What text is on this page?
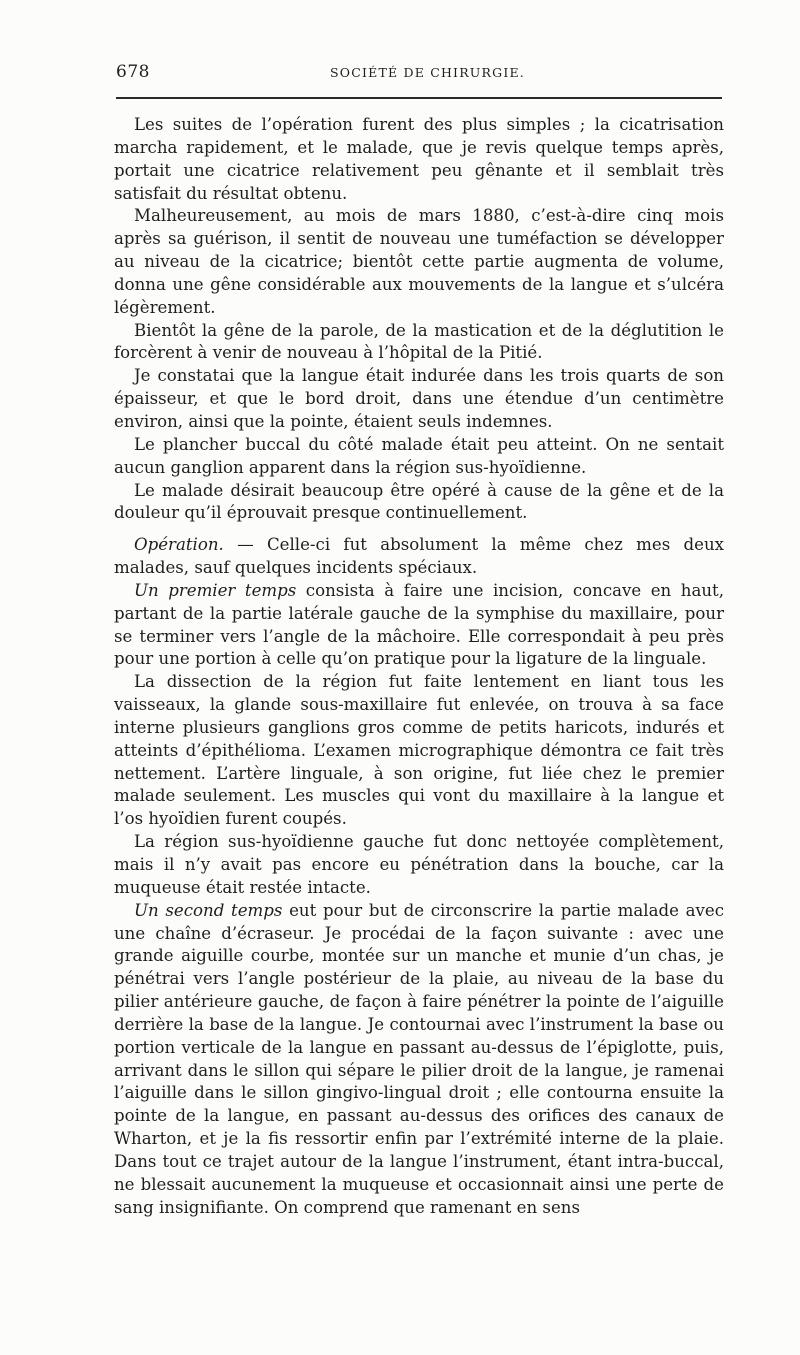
678	SOCIÉTÉ DE CHIRURGIE.

Les suites de l’opération furent des plus simples ; la cicatrisation marcha rapidement, et le malade, que je revis quelque temps après, portait une cicatrice relativement peu gênante et il semblait très satisfait du résultat obtenu.

Malheureusement, au mois de mars 1880, c’est-à-dire cinq mois après sa guérison, il sentit de nouveau une tuméfaction se développer au niveau de la cicatrice; bientôt cette partie augmenta de volume, donna une gêne considérable aux mouvements de la langue et s’ulcéra légèrement.

Bientôt la gêne de la parole, de la mastication et de la déglutition le forcèrent à venir de nouveau à l’hôpital de la Pitié.

Je constatai que la langue était indurée dans les trois quarts de son épaisseur, et que le bord droit, dans une étendue d’un centimètre environ, ainsi que la pointe, étaient seuls indemnes.

Le plancher buccal du côté malade était peu atteint. On ne sentait aucun ganglion apparent dans la région sus-hyoïdienne.

Le malade désirait beaucoup être opéré à cause de la gêne et de la douleur qu’il éprouvait presque continuellement.

Opération. — Celle-ci fut absolument la même chez mes deux malades, sauf quelques incidents spéciaux.

Un premier temps consista à faire une incision, concave en haut, partant de la partie latérale gauche de la symphise du maxillaire, pour se terminer vers l’angle de la mâchoire. Elle correspondait à peu près pour une portion à celle qu’on pratique pour la ligature de la linguale.

La dissection de la région fut faite lentement en liant tous les vaisseaux, la glande sous-maxillaire fut enlevée, on trouva à sa face interne plusieurs ganglions gros comme de petits haricots, indurés et atteints d’épithélioma. L’examen micrographique démontra ce fait très nettement. L’artère linguale, à son origine, fut liée chez le premier malade seulement. Les muscles qui vont du maxillaire à la langue et l’os hyoïdien furent coupés.

La région sus-hyoïdienne gauche fut donc nettoyée complètement, mais il n’y avait pas encore eu pénétration dans la bouche, car la muqueuse était restée intacte.

Un second temps eut pour but de circonscrire la partie malade avec une chaîne d’écraseur. Je procédai de la façon suivante : avec une grande aiguille courbe, montée sur un manche et munie d’un chas, je pénétrai vers l’angle postérieur de la plaie, au niveau de la base du pilier antérieure gauche, de façon à faire pénétrer la pointe de l’aiguille derrière la base de la langue. Je contournai avec l’instrument la base ou portion verticale de la langue en passant au-dessus de l’épiglotte, puis, arrivant dans le sillon qui sépare le pilier droit de la langue, je ramenai l’aiguille dans le sillon gingivo-lingual droit ; elle contourna ensuite la pointe de la langue, en passant au-dessus des orifices des canaux de Wharton, et je la fis ressortir enfin par l’extrémité interne de la plaie. Dans tout ce trajet autour de la langue l’instrument, étant intra-buccal, ne blessait aucunement la muqueuse et occasionnait ainsi une perte de sang insignifiante. On comprend que ramenant en sens
